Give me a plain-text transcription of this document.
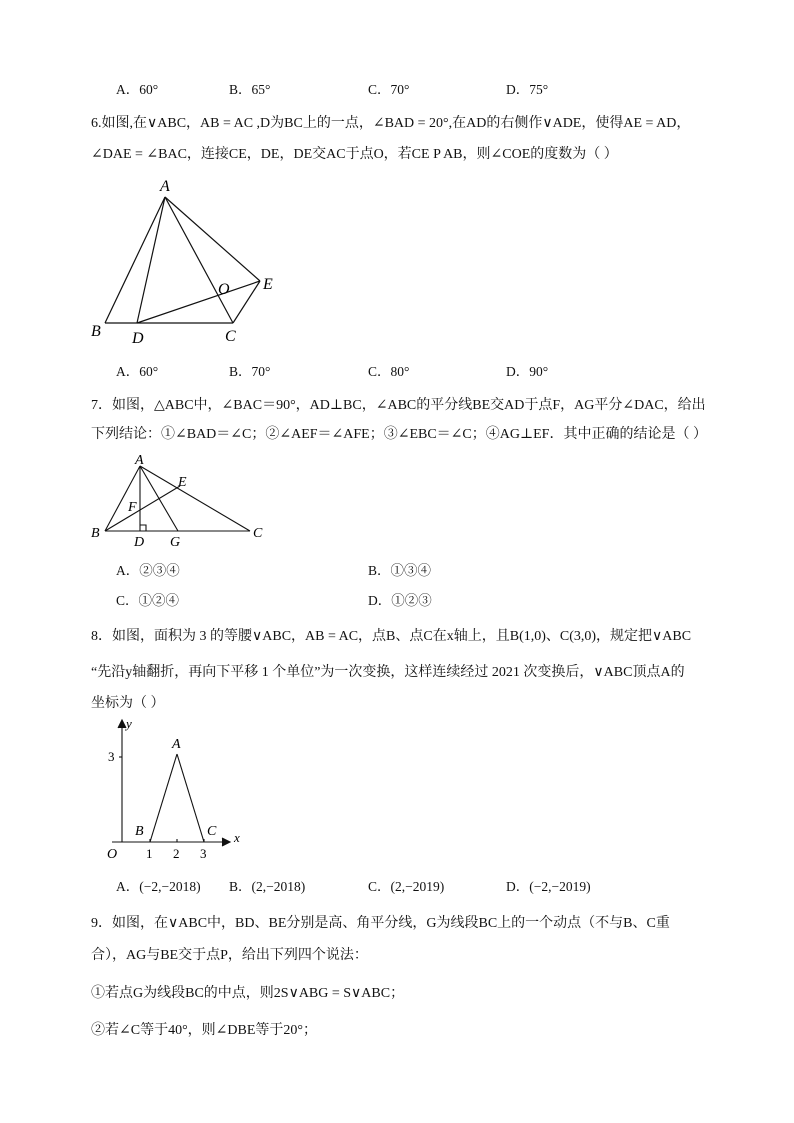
A．60°	B．65°	C．70°	D．75°
6.如图,在∨ABC，AB = AC ,D为BC上的一点，∠BAD = 20°,在AD的右侧作∨ADE，使得AE = AD，
∠DAE = ∠BAC，连接CE，DE，DE交AC于点O，若CE P AB，则∠COE的度数为（ ）
A
B D	C
O E
A．60°	B．70°	C．80°	D．90°
7．如图，△ABC中，∠BAC＝90°，AD⊥BC，∠ABC的平分线BE交AD于点F，AG平分∠DAC，给出
下列结论：①∠BAD＝∠C；②∠AEF＝∠AFE；③∠EBC＝∠C；④AG⊥EF．其中正确的结论是（ ）
A
E
F
B
D G
C
A．②③④	B．①③④
C．①②④	D．①②③
8．如图，面积为 3 的等腰∨ABC，AB = AC，点B、点C在x轴上，且B(1,0)、C(3,0)，规定把∨ABC
“先沿y轴翻折，再向下平移 1 个单位”为一次变换，这样连续经过 2021 次变换后，∨ABC顶点A的
坐标为（ ）
y
x
O
A
B	C
3
1 2 3
A．(−2,−2018) B．(2,−2018)	C．(2,−2019)	D．(−2,−2019)
9．如图，在∨ABC中，BD、BE分别是高、角平分线，G为线段BC上的一个动点（不与B、C重
合），AG与BE交于点P，给出下列四个说法：
①若点G为线段BC的中点，则2S∨ABG = S∨ABC；
②若∠C等于40°，则∠DBE等于20°；
